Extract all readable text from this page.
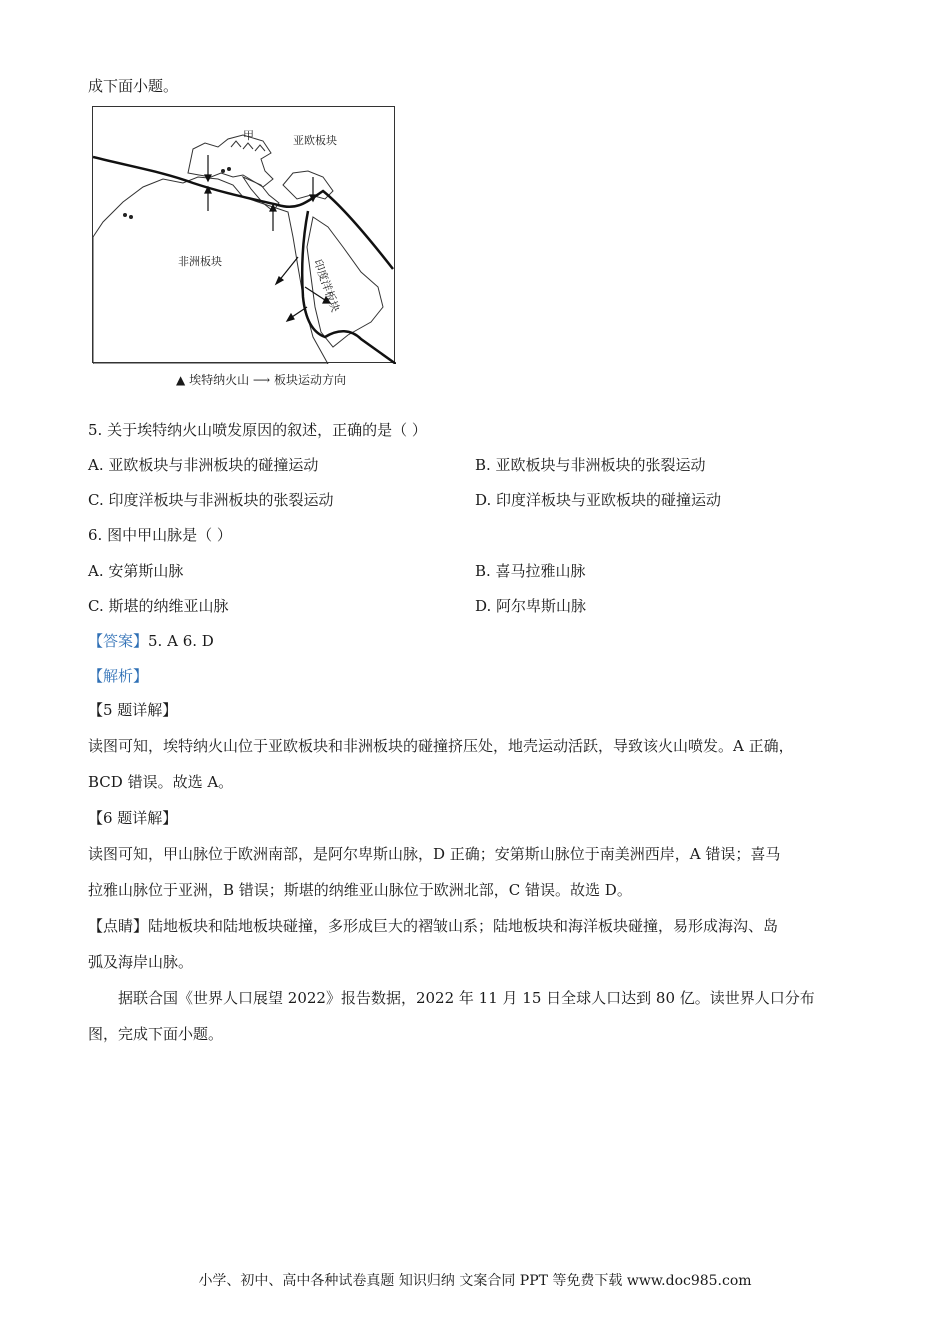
成下面小题。
甲	亚欧板块
非洲板块	印度洋板块
▲ 埃特纳火山 ⟶ 板块运动方向
5. 关于埃特纳火山喷发原因的叙述，正确的是（ ）
A. 亚欧板块与非洲板块的碰撞运动	B. 亚欧板块与非洲板块的张裂运动
C. 印度洋板块与非洲板块的张裂运动	D. 印度洋板块与亚欧板块的碰撞运动
6. 图中甲山脉是（ ）
A. 安第斯山脉	B. 喜马拉雅山脉
C. 斯堪的纳维亚山脉	D. 阿尔卑斯山脉
【答案】5. A 6. D
【解析】
【5 题详解】
读图可知，埃特纳火山位于亚欧板块和非洲板块的碰撞挤压处，地壳运动活跃，导致该火山喷发。A 正确，
BCD 错误。故选 A。
【6 题详解】
读图可知，甲山脉位于欧洲南部，是阿尔卑斯山脉，D 正确；安第斯山脉位于南美洲西岸，A 错误；喜马
拉雅山脉位于亚洲，B 错误；斯堪的纳维亚山脉位于欧洲北部，C 错误。故选 D。
【点睛】陆地板块和陆地板块碰撞，多形成巨大的褶皱山系；陆地板块和海洋板块碰撞，易形成海沟、岛
弧及海岸山脉。
据联合国《世界人口展望 2022》报告数据，2022 年 11 月 15 日全球人口达到 80 亿。读世界人口分布
图，完成下面小题。
小学、初中、高中各种试卷真题 知识归纳 文案合同 PPT 等免费下载 www.doc985.com
